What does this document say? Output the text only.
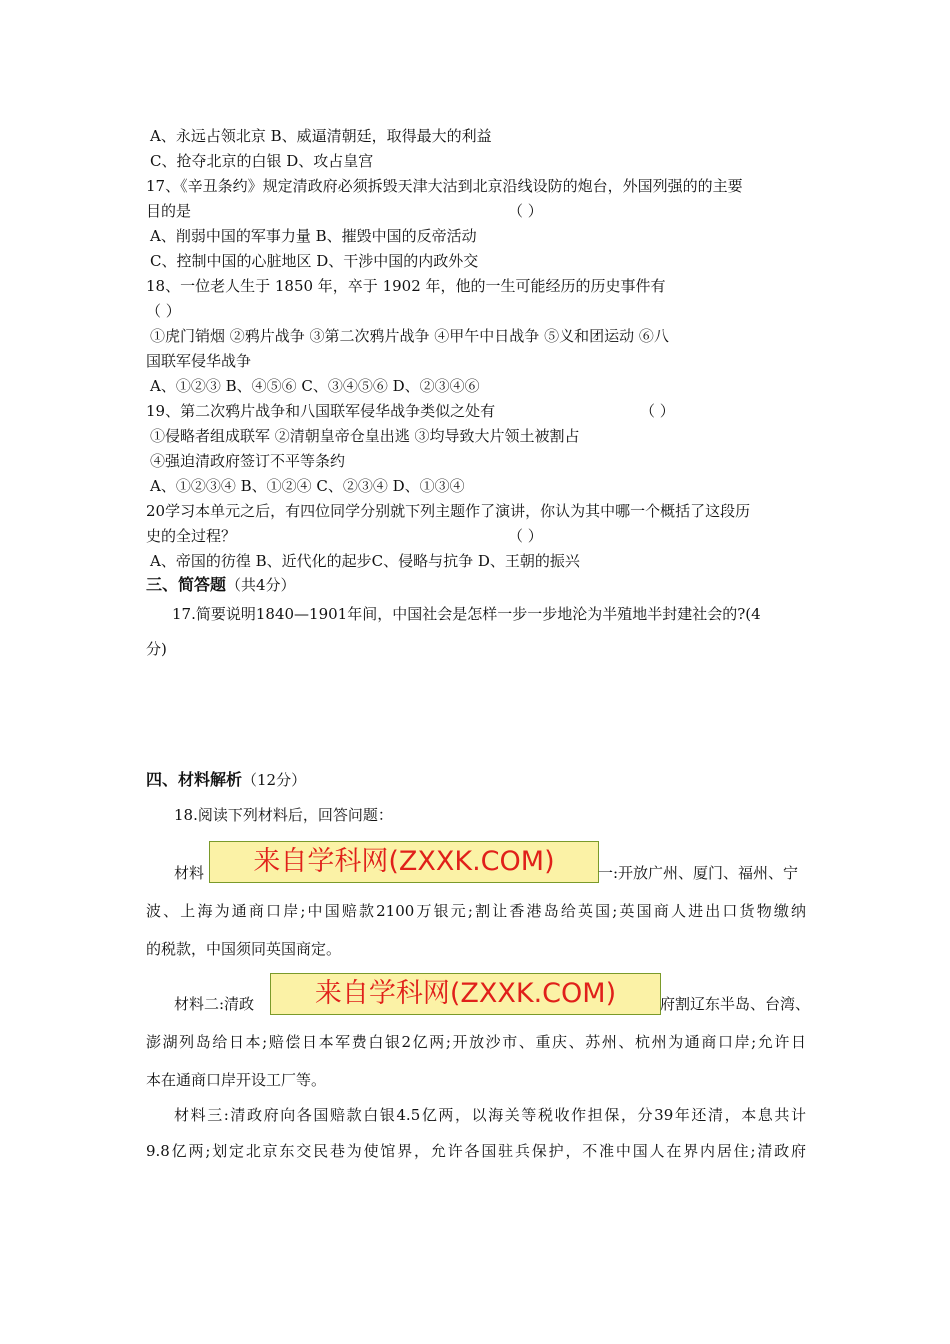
A、永远占领北京 B、威逼清朝廷，取得最大的利益
C、抢夺北京的白银 D、攻占皇宫
17、《辛丑条约》规定清政府必须拆毁天津大沽到北京沿线设防的炮台，外国列强的的主要
目的是	（ ）
A、削弱中国的军事力量 B、摧毁中国的反帝活动
C、控制中国的心脏地区 D、干涉中国的内政外交
18、一位老人生于 1850 年，卒于 1902 年，他的一生可能经历的历史事件有
（ ）
①虎门销烟 ②鸦片战争 ③第二次鸦片战争 ④甲午中日战争 ⑤义和团运动 ⑥八
国联军侵华战争
A、①②③ B、④⑤⑥ C、③④⑤⑥ D、②③④⑥
19、第二次鸦片战争和八国联军侵华战争类似之处有	（ ）
①侵略者组成联军 ②清朝皇帝仓皇出逃 ③均导致大片领土被割占
④强迫清政府签订不平等条约
A、①②③④ B、①②④ C、②③④ D、①③④
20学习本单元之后，有四位同学分别就下列主题作了演讲，你认为其中哪一个概括了这段历
史的全过程？	（ ）
A、帝国的彷徨 B、近代化的起步C、侵略与抗争 D、王朝的振兴
三、简答题（共4分）
17.简要说明1840—1901年间，中国社会是怎样一步一步地沦为半殖地半封建社会的?(4
分)
四、材料解析（12分）
18.阅读下列材料后，回答问题：
材料	来自学科网(ZXXK.COM)	一:开放广州、厦门、福州、宁
波、上海为通商口岸;中国赔款2100万银元;割让香港岛给英国;英国商人进出口货物缴纳
的税款，中国须同英国商定。
材料二:清政	来自学科网(ZXXK.COM)	府割辽东半岛、台湾、
澎湖列岛给日本;赔偿日本军费白银2亿两;开放沙市、重庆、苏州、杭州为通商口岸;允许日
本在通商口岸开设工厂等。
材料三:清政府向各国赔款白银4.5亿两，以海关等税收作担保，分39年还清，本息共计
9.8亿两;划定北京东交民巷为使馆界，允许各国驻兵保护，不准中国人在界内居住;清政府
